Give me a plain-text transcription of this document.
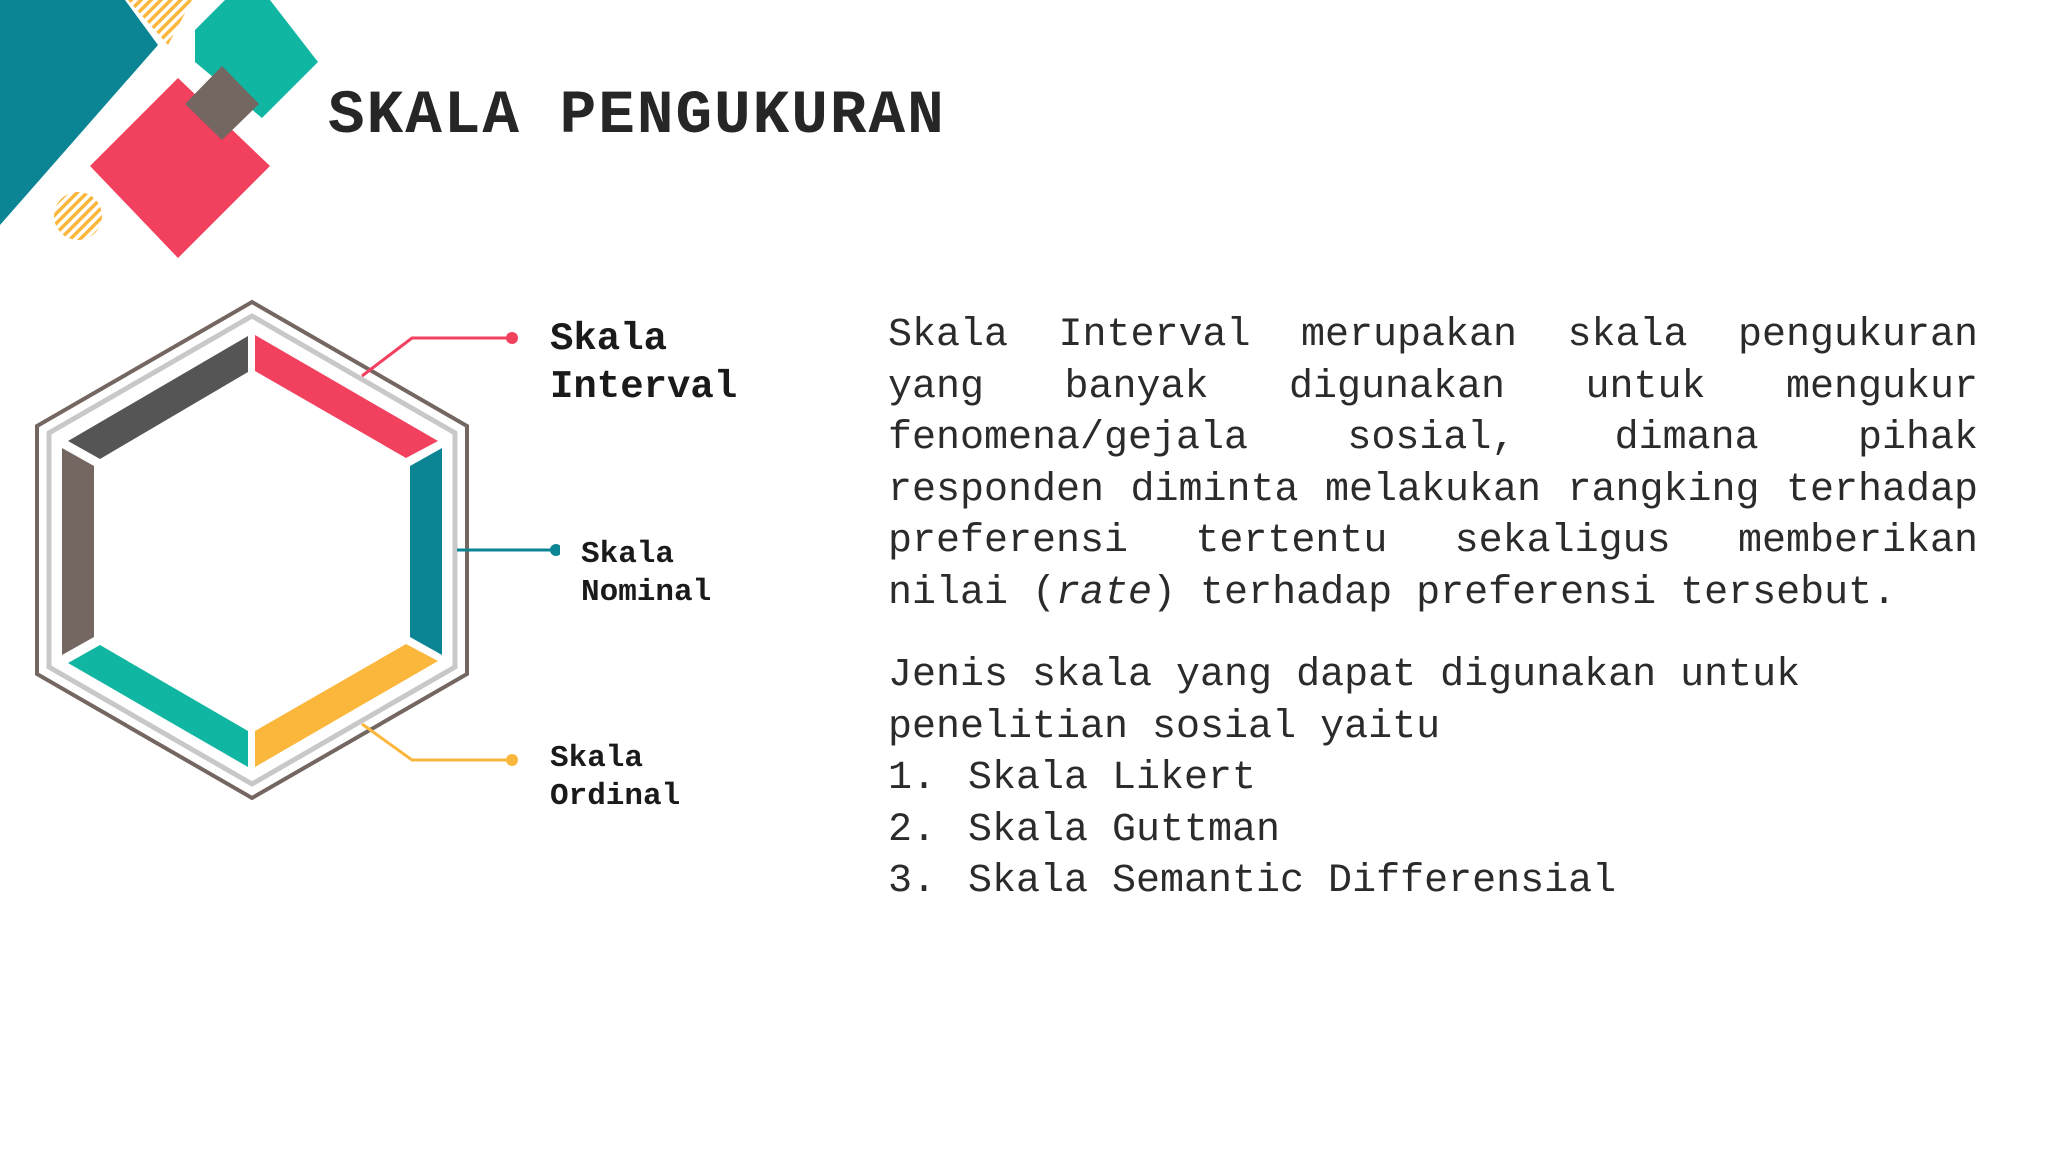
SKALA PENGUKURAN
Skala
Interval
Skala
Nominal
Skala
Ordinal

Skala Interval merupakan skala pengukuran yang banyak digunakan untuk mengukur fenomena/gejala sosial, dimana pihak responden diminta melakukan rangking terhadap preferensi tertentu sekaligus memberikan nilai (rate) terhadap preferensi tersebut.

Jenis skala yang dapat digunakan untuk penelitian sosial yaitu

1. Skala Likert
2. Skala Guttman
3. Skala Semantic Differensial
